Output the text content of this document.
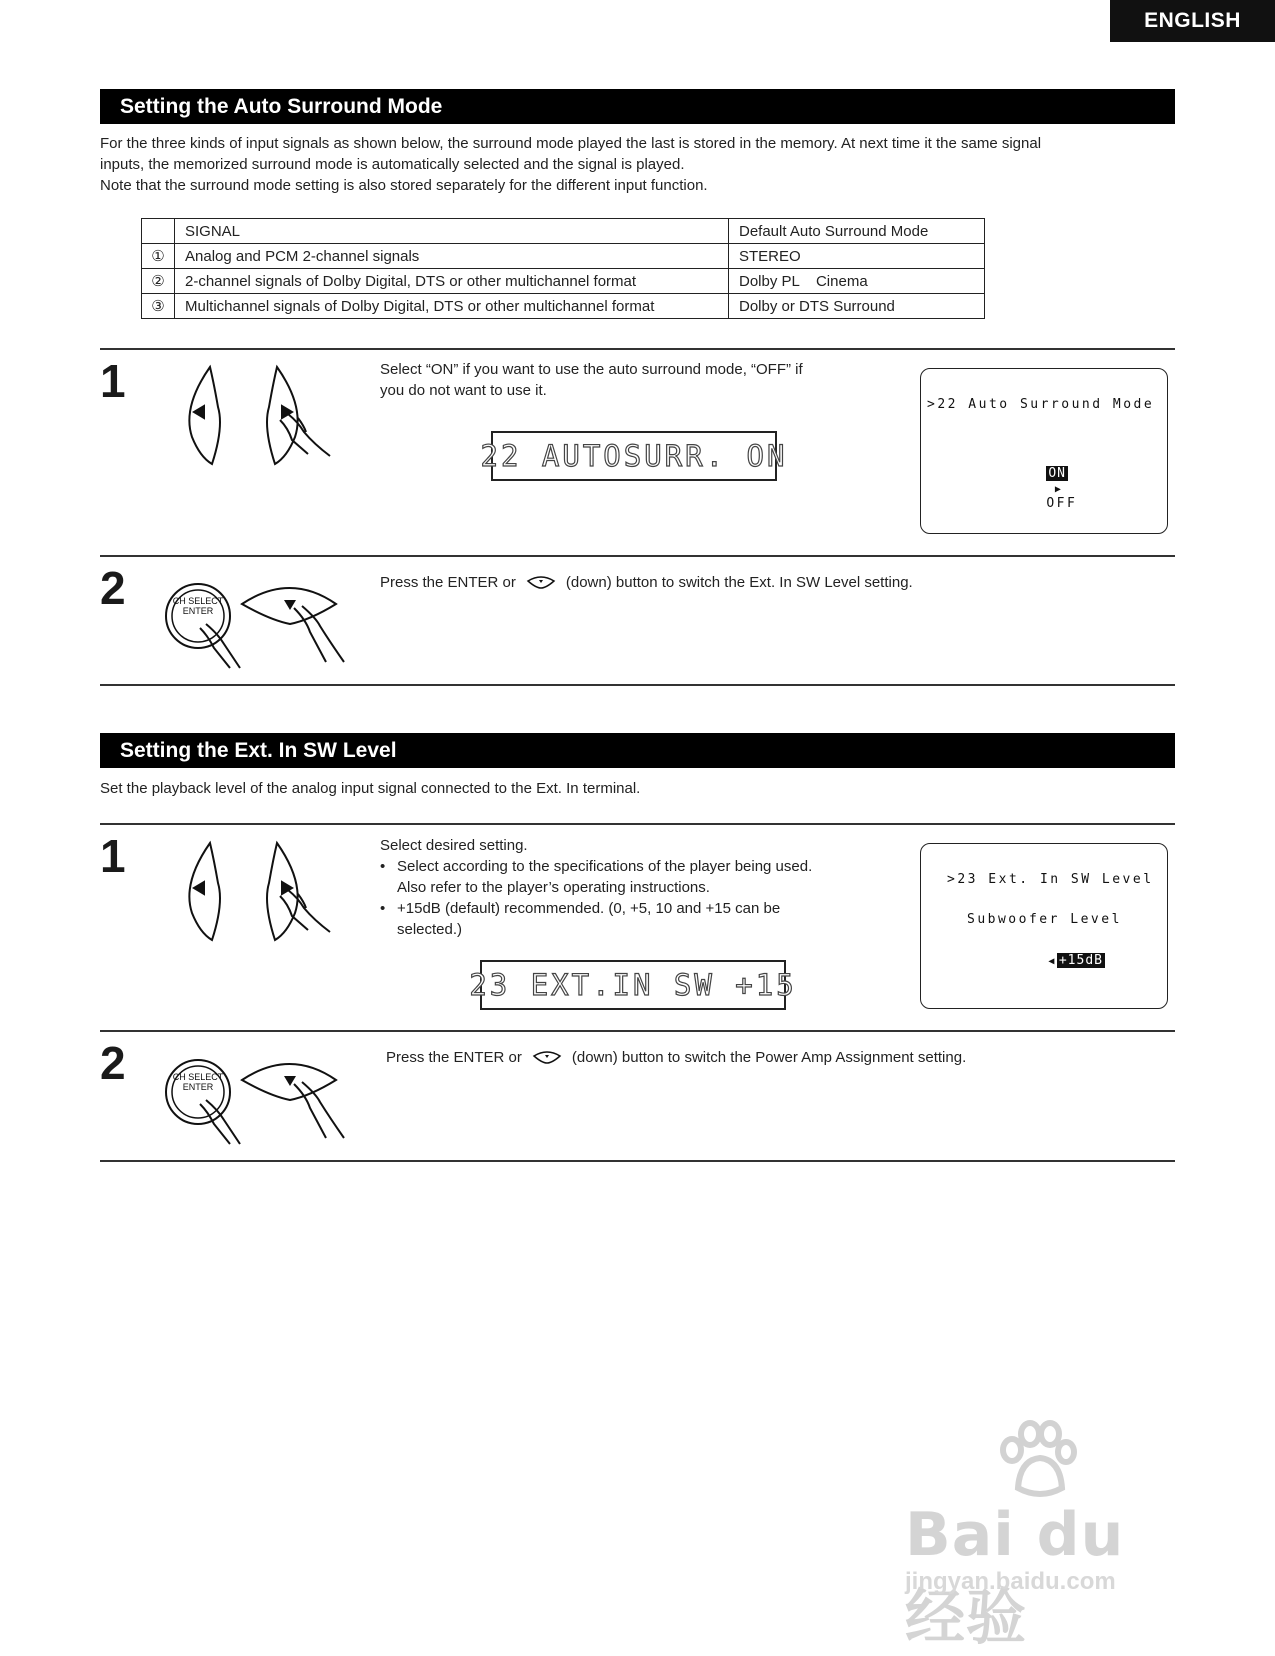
ENGLISH
Setting the Auto Surround Mode

For the three kinds of input signals as shown below, the surround mode played the last is stored in the memory. At next time it the same signal

inputs, the memorized surround mode is automatically selected and the signal is played.

Note that the surround mode setting is also stored separately for the different input function.

	SIGNAL	Default Auto Surround Mode
①	Analog and PCM 2-channel signals	STEREO
②	2-channel signals of Dolby Digital, DTS or other multichannel format	Dolby PL    Cinema
③	Multichannel signals of Dolby Digital, DTS or other multichannel format	Dolby or DTS Surround
1	Select “ON” if you want to use the auto surround mode, “OFF” if

you do not want to use it.

22 AUTOSURR. ON
>22 Auto Surround Mode

ON
▶
OFF

2	CH SELECT
ENTER
Press the ENTER or	(down) button to switch the Ext. In SW Level setting.
Setting the Ext. In SW Level
Set the playback level of the analog input signal connected to the Ext. In terminal.
1	Select desired setting.

• Select according to the specifications of the player being used.
Also refer to the player’s operating instructions.
• +15dB (default) recommended. (0, +5, 10 and +15 can be
selected.)
23 EXT.IN SW +15
>23 Ext. In SW Level
Subwoofer Level

◀ +15dB

2	CH SELECT
ENTER
Press the ENTER or	(down) button to switch the Power Amp Assignment setting.
Bai du 经验
jingyan.baidu.com
